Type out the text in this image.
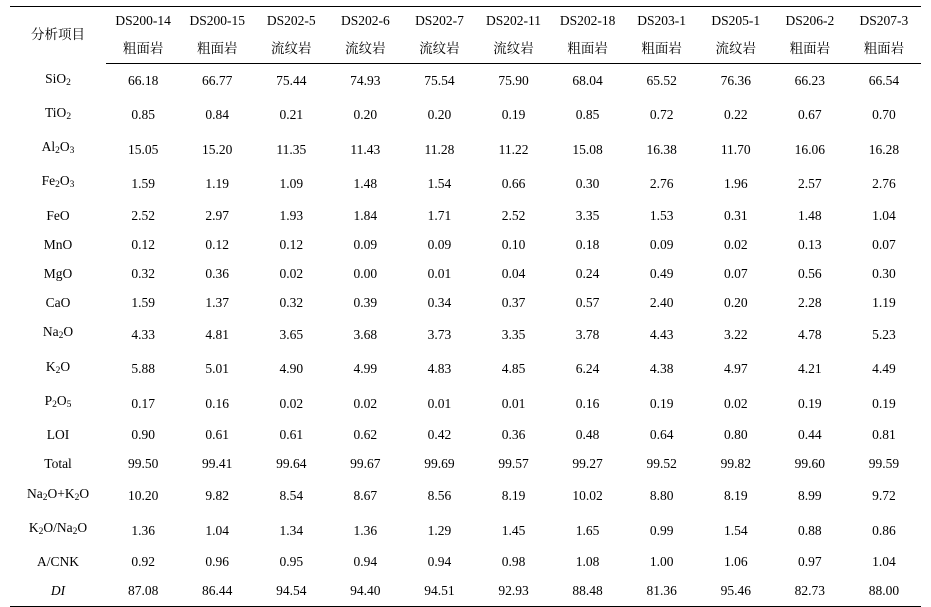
分析项目	DS200-14	DS200-15	DS202-5	DS202-6	DS202-7	DS202-11	DS202-18	DS203-1	DS205-1	DS206-2	DS207-3
	粗面岩	粗面岩	流纹岩	流纹岩	流纹岩	流纹岩	粗面岩	粗面岩	流纹岩	粗面岩	粗面岩
SiO$_2$	66.18	66.77	75.44	74.93	75.54	75.90	68.04	65.52	76.36	66.23	66.54
TiO$_2$	0.85	0.84	0.21	0.20	0.20	0.19	0.85	0.72	0.22	0.67	0.70
$Al_2O_3$	15.05	15.20	11.35	11.43	11.28	11.22	15.08	16.38	11.70	16.06	16.28
$Fe_2O_3$	1.59	1.19	1.09	1.48	1.54	0.66	0.30	2.76	1.96	2.57	2.76
FeO	2.52	2.97	1.93	1.84	1.71	2.52	3.35	1.53	0.31	1.48	1.04
MnO	0.12	0.12	0.12	0.09	0.09	0.10	0.18	0.09	0.02	0.13	0.07
MgO	0.32	0.36	0.02	0.00	0.01	0.04	0.24	0.49	0.07	0.56	0.30
CaO	1.59	1.37	0.32	0.39	0.34	0.37	0.57	2.40	0.20	2.28	1.19
$Na_2O$	4.33	4.81	3.65	3.68	3.73	3.35	3.78	4.43	3.22	4.78	5.23
$K_2O$	5.88	5.01	4.90	4.99	4.83	4.85	6.24	4.38	4.97	4.21	4.49
$P_2O_5$	0.17	0.16	0.02	0.02	0.01	0.01	0.16	0.19	0.02	0.19	0.19
LOI	0.90	0.61	0.61	0.62	0.42	0.36	0.48	0.64	0.80	0.44	0.81
Total	99.50	99.41	99.64	99.67	99.69	99.57	99.27	99.52	99.82	99.60	99.59
$Na_2O+K_2O$	10.20	9.82	8.54	8.67	8.56	8.19	10.02	8.80	8.19	8.99	9.72
$K_2O/Na_2O$	1.36	1.04	1.34	1.36	1.29	1.45	1.65	0.99	1.54	0.88	0.86
A/CNK	0.92	0.96	0.95	0.94	0.94	0.98	1.08	1.00	1.06	0.97	1.04
DI	87.08	86.44	94.54	94.40	94.51	92.93	88.48	81.36	95.46	82.73	88.00
